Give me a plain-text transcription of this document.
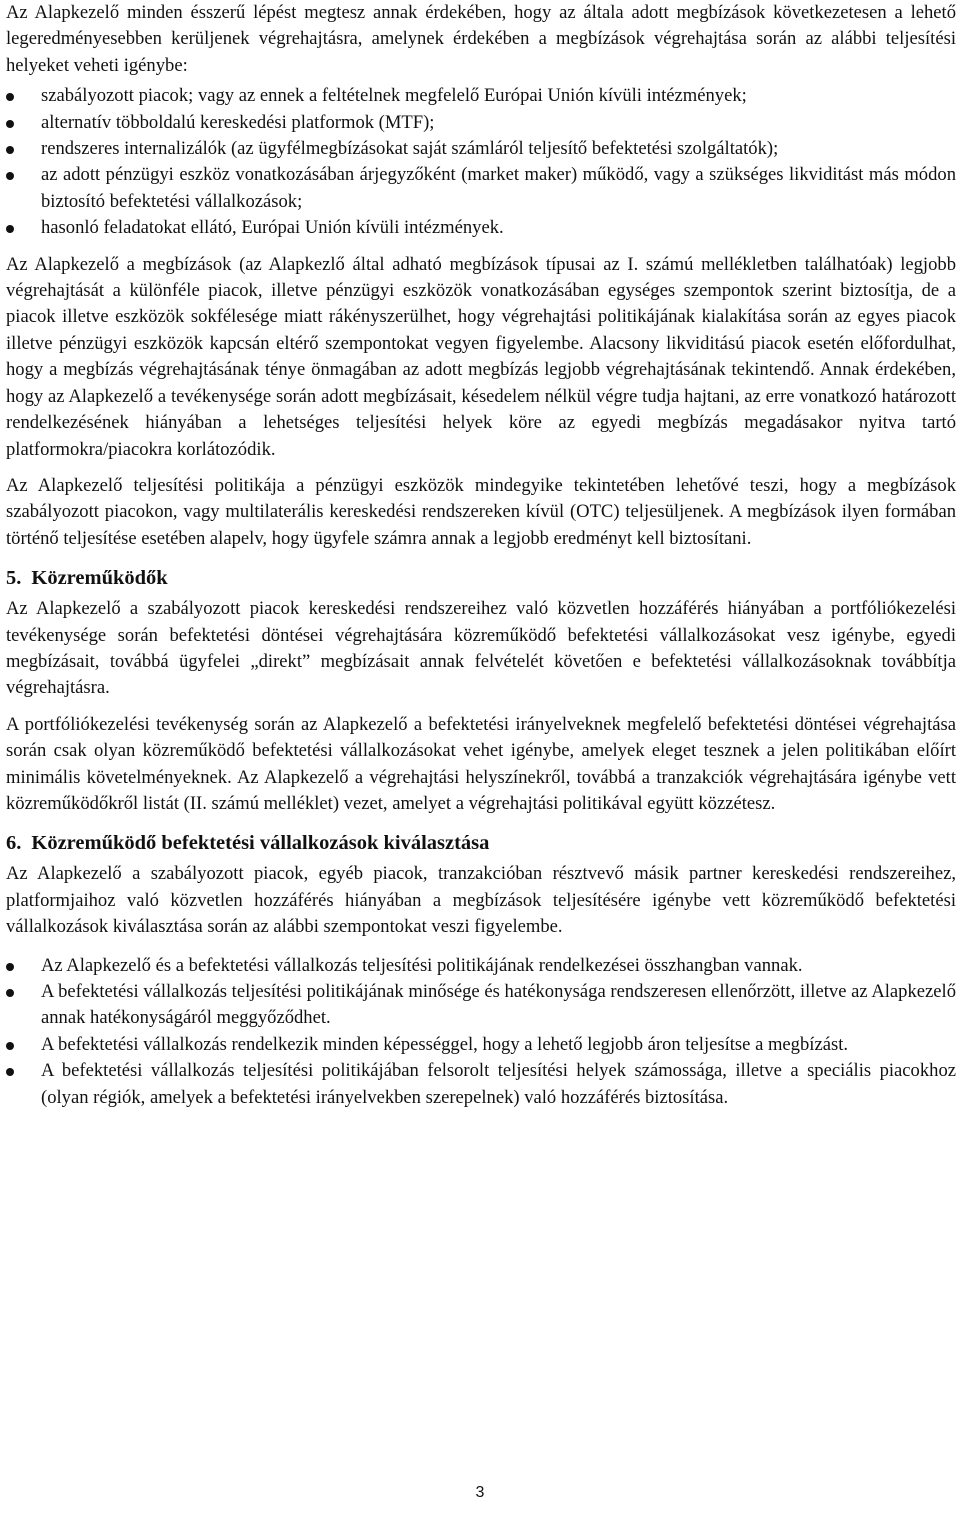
Az Alapkezelő minden ésszerű lépést megtesz annak érdekében, hogy az általa adott megbízások következetesen a lehető legeredményesebben kerüljenek végrehajtásra, amelynek érdekében a megbízások végrehajtása során az alábbi teljesítési helyeket veheti igénybe:

szabályozott piacok; vagy az ennek a feltételnek megfelelő Európai Unión kívüli intézmények;
alternatív többoldalú kereskedési platformok (MTF);
rendszeres internalizálók (az ügyfélmegbízásokat saját számláról teljesítő befektetési szolgáltatók);
az adott pénzügyi eszköz vonatkozásában árjegyzőként (market maker) működő, vagy a szükséges likviditást más módon biztosító befektetési vállalkozások;
hasonló feladatokat ellátó, Európai Unión kívüli intézmények.

Az Alapkezelő a megbízások (az Alapkezlő által adható megbízások típusai az I. számú mellékletben találhatóak) legjobb végrehajtását a különféle piacok, illetve pénzügyi eszközök vonatkozásában egységes szempontok szerint biztosítja, de a piacok illetve eszközök sokfélesége miatt rákényszerülhet, hogy végrehajtási politikájának kialakítása során az egyes piacok illetve pénzügyi eszközök kapcsán eltérő szempontokat vegyen figyelembe. Alacsony likviditású piacok esetén előfordulhat, hogy a megbízás végrehajtásának ténye önmagában az adott megbízás legjobb végrehajtásának tekintendő. Annak érdekében, hogy az Alapkezelő a tevékenysége során adott megbízásait, késedelem nélkül végre tudja hajtani, az erre vonatkozó határozott rendelkezésének hiányában a lehetséges teljesítési helyek köre az egyedi megbízás megadásakor nyitva tartó platformokra/piacokra korlátozódik.

Az Alapkezelő teljesítési politikája a pénzügyi eszközök mindegyike tekintetében lehetővé teszi, hogy a megbízások szabályozott piacokon, vagy multilaterális kereskedési rendszereken kívül (OTC) teljesüljenek. A megbízások ilyen formában történő teljesítése esetében alapelv, hogy ügyfele számra annak a legjobb eredményt kell biztosítani.

5. Közreműködők

Az Alapkezelő a szabályozott piacok kereskedési rendszereihez való közvetlen hozzáférés hiányában a portfóliókezelési tevékenysége során befektetési döntései végrehajtására közreműködő befektetési vállalkozásokat vesz igénybe, egyedi megbízásait, továbbá ügyfelei „direkt” megbízásait annak felvételét követően e befektetési vállalkozásoknak továbbítja végrehajtásra.

A portfóliókezelési tevékenység során az Alapkezelő a befektetési irányelveknek megfelelő befektetési döntései végrehajtása során csak olyan közreműködő befektetési vállalkozásokat vehet igénybe, amelyek eleget tesznek a jelen politikában előírt minimális követelményeknek. Az Alapkezelő a végrehajtási helyszínekről, továbbá a tranzakciók végrehajtására igénybe vett közreműködőkről listát (II. számú melléklet) vezet, amelyet a végrehajtási politikával együtt közzétesz.

6. Közreműködő befektetési vállalkozások kiválasztása

Az Alapkezelő a szabályozott piacok, egyéb piacok, tranzakcióban résztvevő másik partner kereskedési rendszereihez, platformjaihoz való közvetlen hozzáférés hiányában a megbízások teljesítésére igénybe vett közreműködő befektetési vállalkozások kiválasztása során az alábbi szempontokat veszi figyelembe.

Az Alapkezelő és a befektetési vállalkozás teljesítési politikájának rendelkezései összhangban vannak.
A befektetési vállalkozás teljesítési politikájának minősége és hatékonysága rendszeresen ellenőrzött, illetve az Alapkezelő annak hatékonyságáról meggyőződhet.
A befektetési vállalkozás rendelkezik minden képességgel, hogy a lehető legjobb áron teljesítse a megbízást.
A befektetési vállalkozás teljesítési politikájában felsorolt teljesítési helyek számossága, illetve a speciális piacokhoz (olyan régiók, amelyek a befektetési irányelvekben szerepelnek) való hozzáférés biztosítása.
3
